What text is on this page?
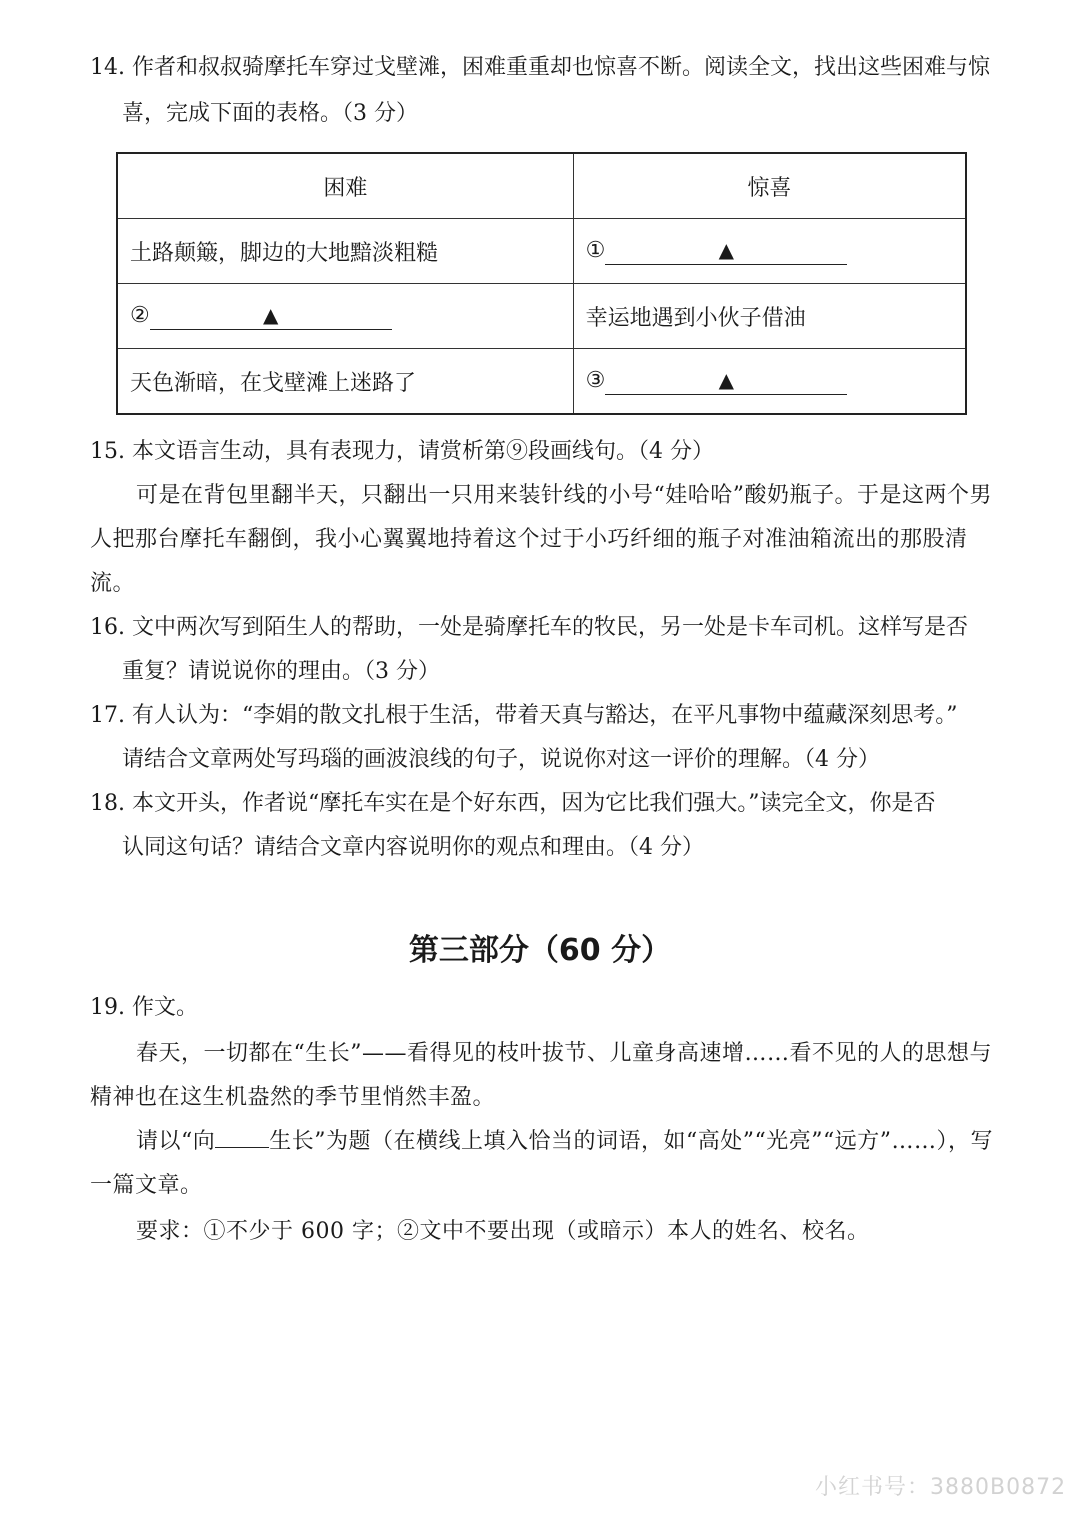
14. 作者和叔叔骑摩托车穿过戈壁滩，困难重重却也惊喜不断。阅读全文，找出这些困难与惊
喜，完成下面的表格。（3 分）
困难	惊喜
土路颠簸，脚边的大地黯淡粗糙	① ▲
② ▲	幸运地遇到小伙子借油
天色渐暗，在戈壁滩上迷路了	③ ▲
15. 本文语言生动，具有表现力，请赏析第⑨段画线句。（4 分）
可是在背包里翻半天，只翻出一只用来装针线的小号“娃哈哈”酸奶瓶子。于是这两个男人把那台摩托车翻倒，我小心翼翼地持着这个过于小巧纤细的瓶子对准油箱流出的那股清流。
16. 文中两次写到陌生人的帮助，一处是骑摩托车的牧民，另一处是卡车司机。这样写是否
重复？请说说你的理由。（3 分）
17. 有人认为：“李娟的散文扎根于生活，带着天真与豁达，在平凡事物中蕴藏深刻思考。”
请结合文章两处写玛瑙的画波浪线的句子，说说你对这一评价的理解。（4 分）
18. 本文开头，作者说“摩托车实在是个好东西，因为它比我们强大。”读完全文，你是否
认同这句话？请结合文章内容说明你的观点和理由。（4 分）
第三部分（60 分）
19. 作文。
春天，一切都在“生长”——看得见的枝叶拔节、儿童身高速增……看不见的人的思想与精神也在这生机盎然的季节里悄然丰盈。
请以“向 生长”为题（在横线上填入恰当的词语，如“高处”“光亮”“远方”……），写一篇文章。
要求：①不少于 600 字；②文中不要出现（或暗示）本人的姓名、校名。
小红书号：3880B0872
